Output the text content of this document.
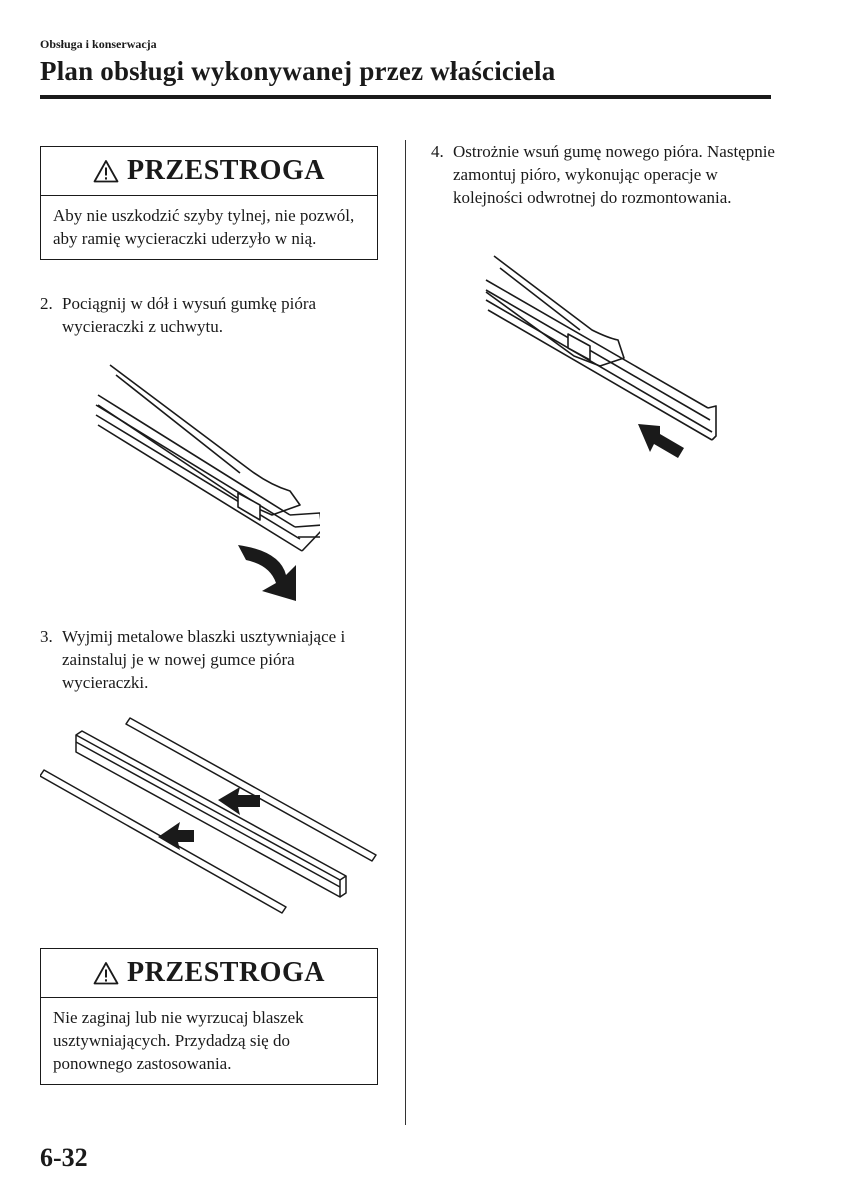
Obsługa i konserwacja
Plan obsługi wykonywanej przez właściciela
PRZESTROGA
Aby nie uszkodzić szyby tylnej, nie pozwól, aby ramię wycieraczki uderzyło w nią.
2. Pociągnij w dół i wysuń gumkę pióra wycieraczki z uchwytu.
3. Wyjmij metalowe blaszki usztywniające i zainstaluj je w nowej gumce pióra wycieraczki.
PRZESTROGA
Nie zaginaj lub nie wyrzucaj blaszek usztywniających. Przydadzą się do ponownego zastosowania.
4. Ostrożnie wsuń gumę nowego pióra. Następnie zamontuj pióro, wykonując operacje w kolejności odwrotnej do rozmontowania.
6-32
